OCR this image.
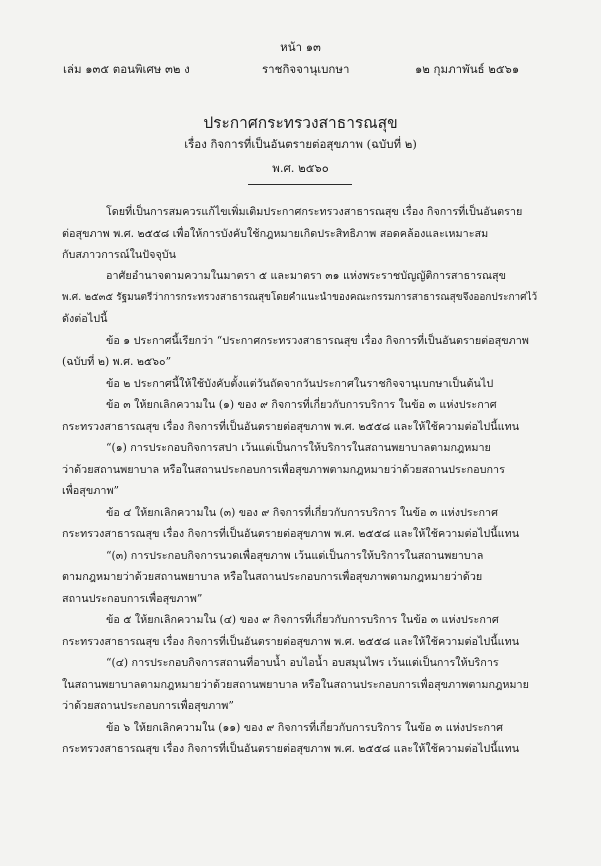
หน้า ๑๓
เล่ม ๑๓๕ ตอนพิเศษ ๓๒ ง	ราชกิจจานุเบกษา	๑๒ กุมภาพันธ์ ๒๕๖๑
ประกาศกระทรวงสาธารณสุข
เรื่อง กิจการที่เป็นอันตรายต่อสุขภาพ (ฉบับที่ ๒)
พ.ศ. ๒๕๖๐
โดยที่เป็นการสมควรแก้ไขเพิ่มเติมประกาศกระทรวงสาธารณสุข เรื่อง กิจการที่เป็นอันตราย
ต่อสุขภาพ พ.ศ. ๒๕๕๘ เพื่อให้การบังคับใช้กฎหมายเกิดประสิทธิภาพ สอดคล้องและเหมาะสม
กับสภาวการณ์ในปัจจุบัน
อาศัยอำนาจตามความในมาตรา ๕ และมาตรา ๓๑ แห่งพระราชบัญญัติการสาธารณสุข
พ.ศ. ๒๕๓๕ รัฐมนตรีว่าการกระทรวงสาธารณสุขโดยคำแนะนำของคณะกรรมการสาธารณสุขจึงออกประกาศไว้
ดังต่อไปนี้
ข้อ ๑ ประกาศนี้เรียกว่า “ประกาศกระทรวงสาธารณสุข เรื่อง กิจการที่เป็นอันตรายต่อสุขภาพ
(ฉบับที่ ๒) พ.ศ. ๒๕๖๐”
ข้อ ๒ ประกาศนี้ให้ใช้บังคับตั้งแต่วันถัดจากวันประกาศในราชกิจจานุเบกษาเป็นต้นไป
ข้อ ๓ ให้ยกเลิกความใน (๑) ของ ๙ กิจการที่เกี่ยวกับการบริการ ในข้อ ๓ แห่งประกาศ
กระทรวงสาธารณสุข เรื่อง กิจการที่เป็นอันตรายต่อสุขภาพ พ.ศ. ๒๕๕๘ และให้ใช้ความต่อไปนี้แทน
“(๑) การประกอบกิจการสปา เว้นแต่เป็นการให้บริการในสถานพยาบาลตามกฎหมาย
ว่าด้วยสถานพยาบาล หรือในสถานประกอบการเพื่อสุขภาพตามกฎหมายว่าด้วยสถานประกอบการ
เพื่อสุขภาพ”
ข้อ ๔ ให้ยกเลิกความใน (๓) ของ ๙ กิจการที่เกี่ยวกับการบริการ ในข้อ ๓ แห่งประกาศ
กระทรวงสาธารณสุข เรื่อง กิจการที่เป็นอันตรายต่อสุขภาพ พ.ศ. ๒๕๕๘ และให้ใช้ความต่อไปนี้แทน
“(๓) การประกอบกิจการนวดเพื่อสุขภาพ เว้นแต่เป็นการให้บริการในสถานพยาบาล
ตามกฎหมายว่าด้วยสถานพยาบาล หรือในสถานประกอบการเพื่อสุขภาพตามกฎหมายว่าด้วย
สถานประกอบการเพื่อสุขภาพ”
ข้อ ๕ ให้ยกเลิกความใน (๔) ของ ๙ กิจการที่เกี่ยวกับการบริการ ในข้อ ๓ แห่งประกาศ
กระทรวงสาธารณสุข เรื่อง กิจการที่เป็นอันตรายต่อสุขภาพ พ.ศ. ๒๕๕๘ และให้ใช้ความต่อไปนี้แทน
“(๔) การประกอบกิจการสถานที่อาบน้ำ อบไอน้ำ อบสมุนไพร เว้นแต่เป็นการให้บริการ
ในสถานพยาบาลตามกฎหมายว่าด้วยสถานพยาบาล หรือในสถานประกอบการเพื่อสุขภาพตามกฎหมาย
ว่าด้วยสถานประกอบการเพื่อสุขภาพ”
ข้อ ๖ ให้ยกเลิกความใน (๑๑) ของ ๙ กิจการที่เกี่ยวกับการบริการ ในข้อ ๓ แห่งประกาศ
กระทรวงสาธารณสุข เรื่อง กิจการที่เป็นอันตรายต่อสุขภาพ พ.ศ. ๒๕๕๘ และให้ใช้ความต่อไปนี้แทน
